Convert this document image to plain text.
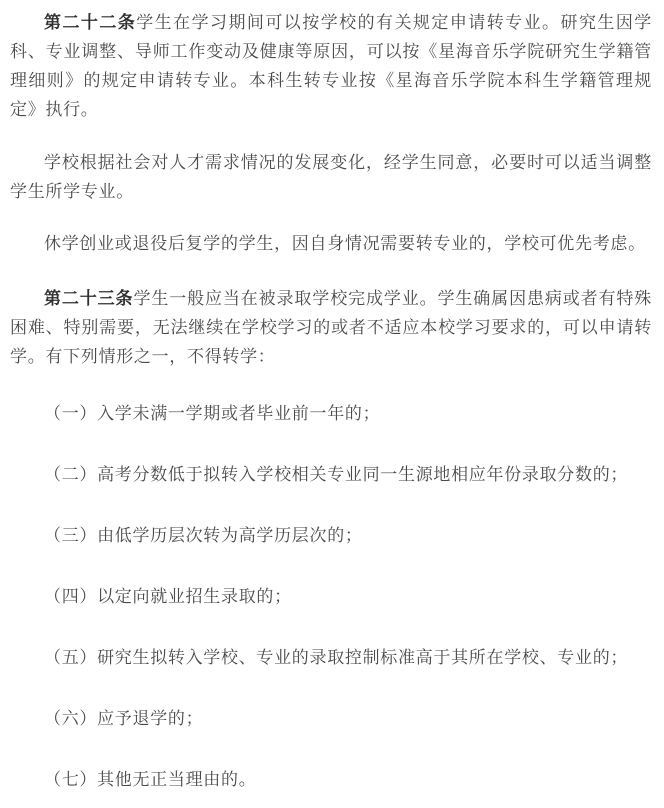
第二十二条学生在学习期间可以按学校的有关规定申请转专业。研究生因学科、专业调整、导师工作变动及健康等原因，可以按《星海音乐学院研究生学籍管理细则》的规定申请转专业。本科生转专业按《星海音乐学院本科生学籍管理规定》执行。

学校根据社会对人才需求情况的发展变化，经学生同意，必要时可以适当调整学生所学专业。

休学创业或退役后复学的学生，因自身情况需要转专业的，学校可优先考虑。

第二十三条学生一般应当在被录取学校完成学业。学生确属因患病或者有特殊困难、特别需要，无法继续在学校学习的或者不适应本校学习要求的，可以申请转学。有下列情形之一，不得转学：

（一）入学未满一学期或者毕业前一年的；

（二）高考分数低于拟转入学校相关专业同一生源地相应年份录取分数的；

（三）由低学历层次转为高学历层次的；

（四）以定向就业招生录取的；

（五）研究生拟转入学校、专业的录取控制标准高于其所在学校、专业的；

（六）应予退学的；

（七）其他无正当理由的。
